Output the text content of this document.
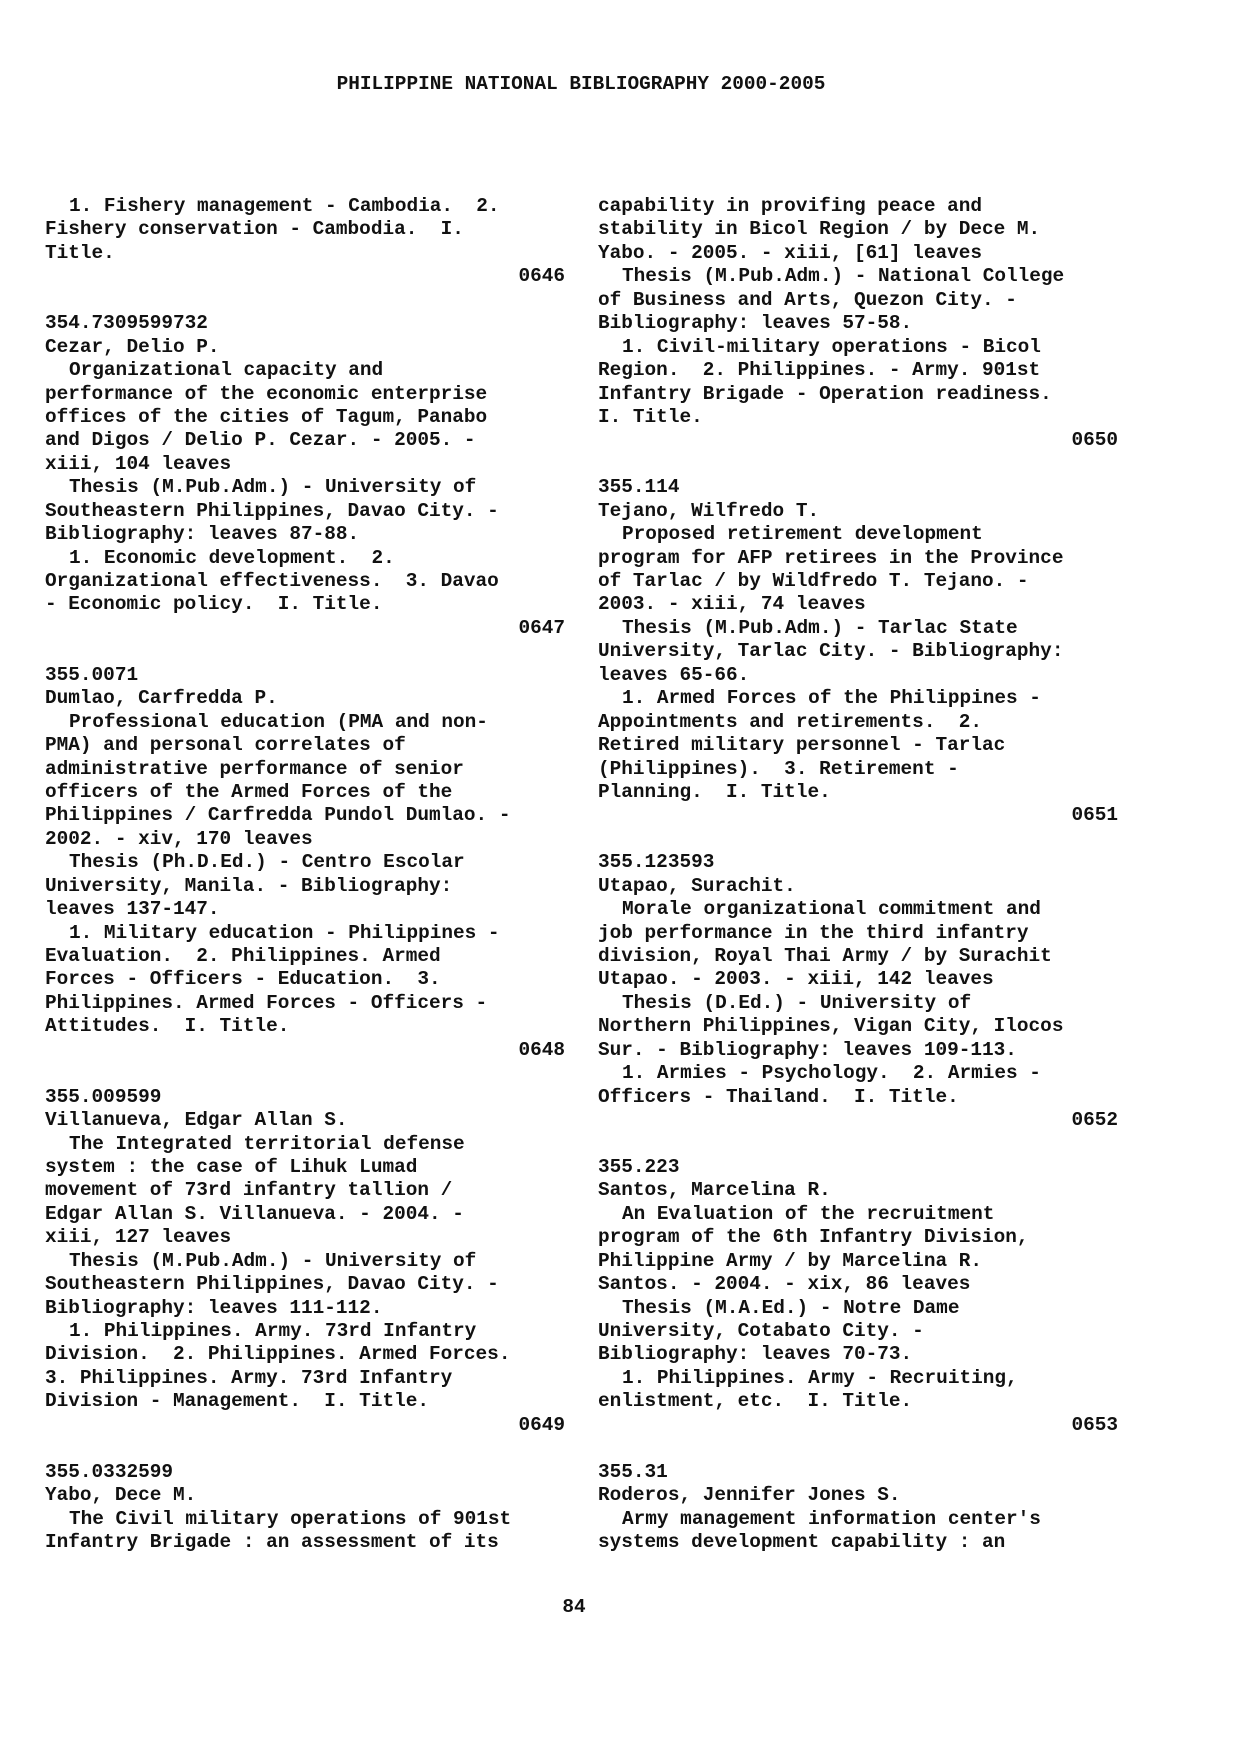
PHILIPPINE NATIONAL BIBLIOGRAPHY 2000-2005
1. Fishery management - Cambodia.  2.
Fishery conservation - Cambodia.  I.
Title.
0646
354.7309599732
Cezar, Delio P.
Organizational capacity and
performance of the economic enterprise
offices of the cities of Tagum, Panabo
and Digos / Delio P. Cezar. - 2005. -
xiii, 104 leaves
Thesis (M.Pub.Adm.) - University of
Southeastern Philippines, Davao City. -
Bibliography: leaves 87-88.
1. Economic development.  2.
Organizational effectiveness.  3. Davao
- Economic policy.  I. Title.
0647
355.0071
Dumlao, Carfredda P.
Professional education (PMA and non-
PMA) and personal correlates of
administrative performance of senior
officers of the Armed Forces of the
Philippines / Carfredda Pundol Dumlao. -
2002. - xiv, 170 leaves
Thesis (Ph.D.Ed.) - Centro Escolar
University, Manila. - Bibliography:
leaves 137-147.
1. Military education - Philippines -
Evaluation.  2. Philippines. Armed
Forces - Officers - Education.  3.
Philippines. Armed Forces - Officers -
Attitudes.  I. Title.
0648
355.009599
Villanueva, Edgar Allan S.
The Integrated territorial defense
system : the case of Lihuk Lumad
movement of 73rd infantry tallion /
Edgar Allan S. Villanueva. - 2004. -
xiii, 127 leaves
Thesis (M.Pub.Adm.) - University of
Southeastern Philippines, Davao City. -
Bibliography: leaves 111-112.
1. Philippines. Army. 73rd Infantry
Division.  2. Philippines. Armed Forces.
3. Philippines. Army. 73rd Infantry
Division - Management.  I. Title.
0649
355.0332599
Yabo, Dece M.
The Civil military operations of 901st
Infantry Brigade : an assessment of its
capability in provifing peace and
stability in Bicol Region / by Dece M.
Yabo. - 2005. - xiii, [61] leaves
Thesis (M.Pub.Adm.) - National College
of Business and Arts, Quezon City. -
Bibliography: leaves 57-58.
1. Civil-military operations - Bicol
Region.  2. Philippines. - Army. 901st
Infantry Brigade - Operation readiness.
I. Title.
0650
355.114
Tejano, Wilfredo T.
Proposed retirement development
program for AFP retirees in the Province
of Tarlac / by Wildfredo T. Tejano. -
2003. - xiii, 74 leaves
Thesis (M.Pub.Adm.) - Tarlac State
University, Tarlac City. - Bibliography:
leaves 65-66.
1. Armed Forces of the Philippines -
Appointments and retirements.  2.
Retired military personnel - Tarlac
(Philippines).  3. Retirement -
Planning.  I. Title.
0651
355.123593
Utapao, Surachit.
Morale organizational commitment and
job performance in the third infantry
division, Royal Thai Army / by Surachit
Utapao. - 2003. - xiii, 142 leaves
Thesis (D.Ed.) - University of
Northern Philippines, Vigan City, Ilocos
Sur. - Bibliography: leaves 109-113.
1. Armies - Psychology.  2. Armies -
Officers - Thailand.  I. Title.
0652
355.223
Santos, Marcelina R.
An Evaluation of the recruitment
program of the 6th Infantry Division,
Philippine Army / by Marcelina R.
Santos. - 2004. - xix, 86 leaves
Thesis (M.A.Ed.) - Notre Dame
University, Cotabato City. -
Bibliography: leaves 70-73.
1. Philippines. Army - Recruiting,
enlistment, etc.  I. Title.
0653
355.31
Roderos, Jennifer Jones S.
Army management information center's
systems development capability : an
84
